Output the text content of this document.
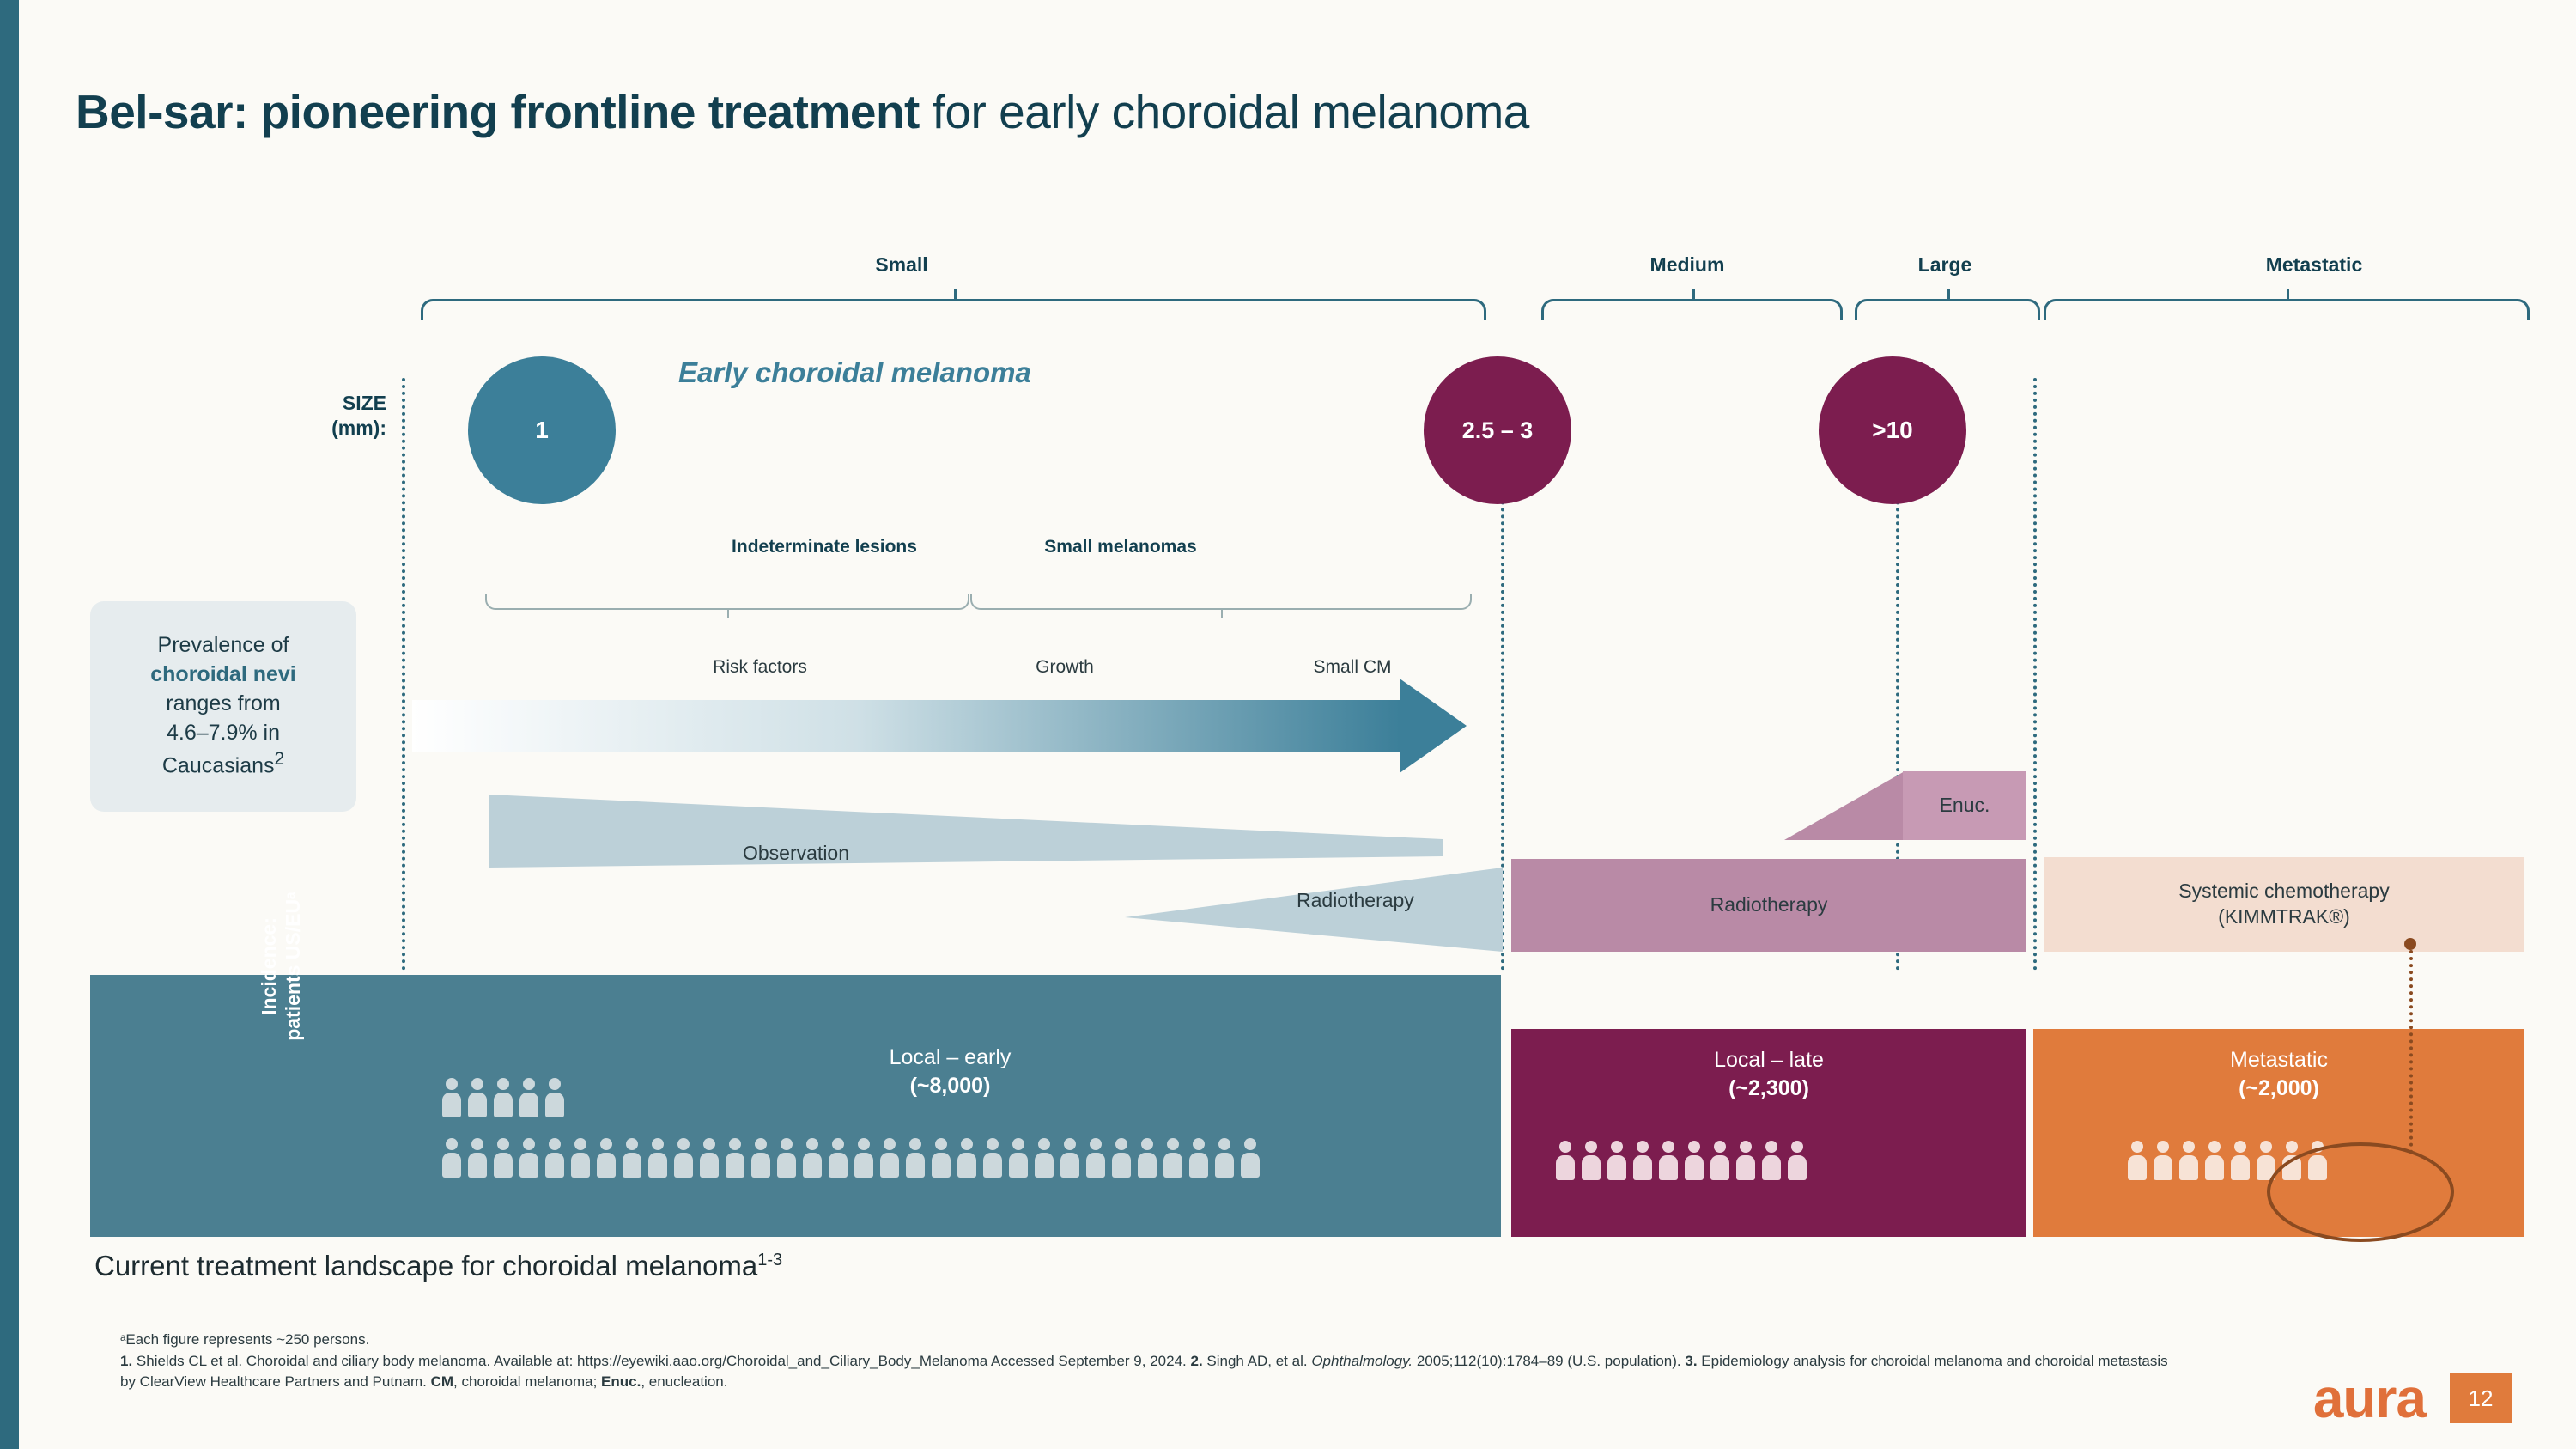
Bel-sar: pioneering frontline treatment for early choroidal melanoma
Small	Medium	Large	Metastatic
SIZE
(mm):	1	2.5 – 3	>10
Early choroidal melanoma
Indeterminate lesions	Small melanomas
Risk factors	Growth	Small CM
Prevalence of
choroidal nevi
ranges from
4.6–7.9% in
Caucasians$^2$
Observation
Radiotherapy	Radiotherapy
Enuc.
Systemic chemotherapy
(KIMMTRAK®)
Incidence: patients US/EUᵃ
Local – early
(~8,000)
Local – late
(~2,300)
Metastatic
(~2,000)
Current treatment landscape for choroidal melanoma$^{1-3}$
ᵃEach figure represents ~250 persons.
1. Shields CL et al. Choroidal and ciliary body melanoma. Available at: https://eyewiki.aao.org/Choroidal_and_Ciliary_Body_Melanoma Accessed September 9, 2024. 2. Singh AD, et al. Ophthalmology. 2005;112(10):1784–89 (U.S. population). 3. Epidemiology analysis for choroidal melanoma and choroidal metastasis by ClearView Healthcare Partners and Putnam. CM, choroidal melanoma; Enuc., enucleation.	aura	12
